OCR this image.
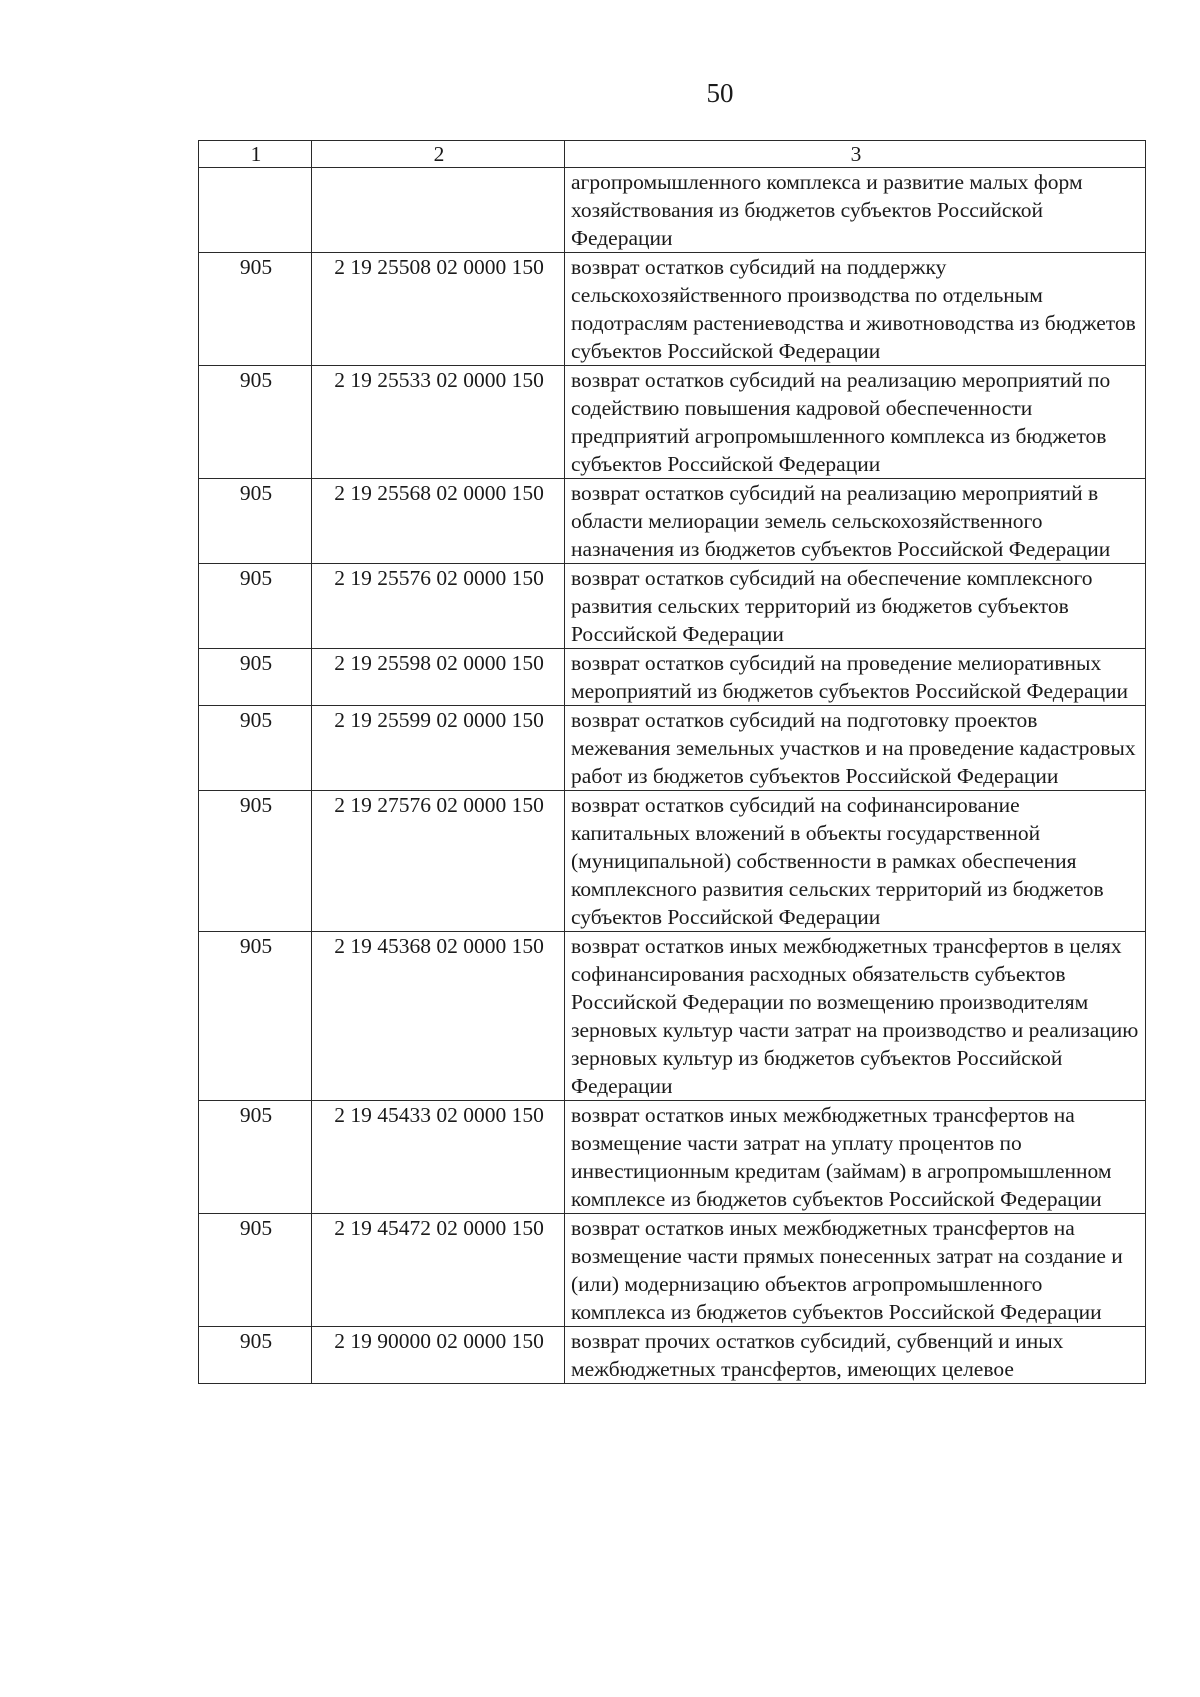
50
1	2	3
		агропромышленного комплекса и развитие малых форм хозяйствования из бюджетов субъектов Российской Федерации
905	2 19 25508 02 0000 150	возврат остатков субсидий на поддержку сельскохозяйственного производства по отдельным подотраслям растениеводства и животноводства из бюджетов субъектов Российской Федерации
905	2 19 25533 02 0000 150	возврат остатков субсидий на реализацию мероприятий по содействию повышения кадровой обеспеченности предприятий агропромышленного комплекса из бюджетов субъектов Российской Федерации
905	2 19 25568 02 0000 150	возврат остатков субсидий на реализацию мероприятий в области мелиорации земель сельскохозяйственного назначения из бюджетов субъектов Российской Федерации
905	2 19 25576 02 0000 150	возврат остатков субсидий на обеспечение комплексного развития сельских территорий из бюджетов субъектов Российской Федерации
905	2 19 25598 02 0000 150	возврат остатков субсидий на проведение мелиоративных мероприятий из бюджетов субъектов Российской Федерации
905	2 19 25599 02 0000 150	возврат остатков субсидий на подготовку проектов межевания земельных участков и на проведение кадастровых работ из бюджетов субъектов Российской Федерации
905	2 19 27576 02 0000 150	возврат остатков субсидий на софинансирование капитальных вложений в объекты государственной (муниципальной) собственности в рамках обеспечения комплексного развития сельских территорий из бюджетов субъектов Российской Федерации
905	2 19 45368 02 0000 150	возврат остатков иных межбюджетных трансфертов в целях софинансирования расходных обязательств субъектов Российской Федерации по возмещению производителям зерновых культур части затрат на производство и реализацию зерновых культур из бюджетов субъектов Российской Федерации
905	2 19 45433 02 0000 150	возврат остатков иных межбюджетных трансфертов на возмещение части затрат на уплату процентов по инвестиционным кредитам (займам) в агропромышленном комплексе из бюджетов субъектов Российской Федерации
905	2 19 45472 02 0000 150	возврат остатков иных межбюджетных трансфертов на возмещение части прямых понесенных затрат на создание и (или) модернизацию объектов агропромышленного комплекса из бюджетов субъектов Российской Федерации
905	2 19 90000 02 0000 150	возврат прочих остатков субсидий, субвенций и иных межбюджетных трансфертов, имеющих целевое
